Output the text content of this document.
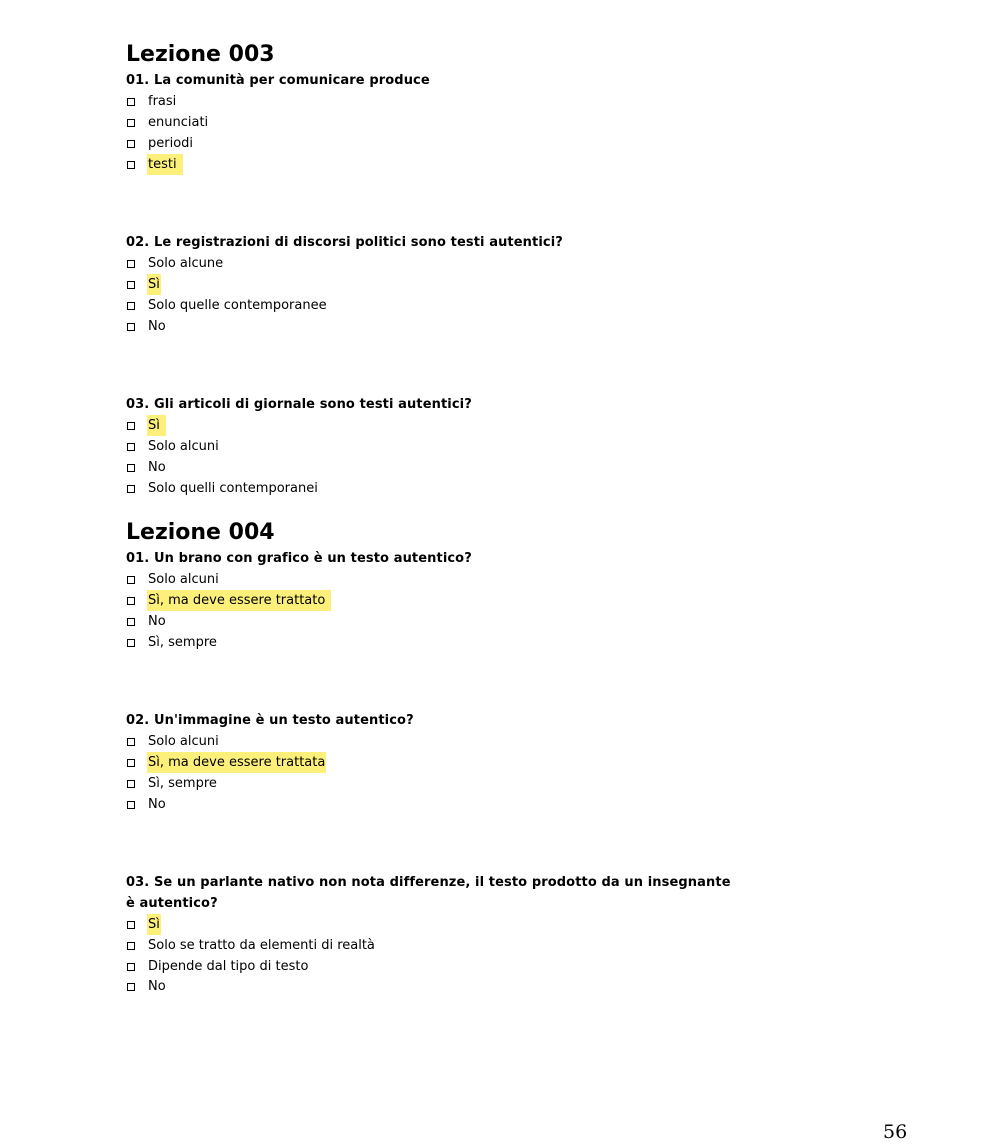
Lezione 003

01. La comunità per comunicare produce

frasi
enunciati
periodi
testi

02. Le registrazioni di discorsi politici sono testi autentici?

Solo alcune
Sì
Solo quelle contemporanee
No

03. Gli articoli di giornale sono testi autentici?

Sì
Solo alcuni
No
Solo quelli contemporanei
Lezione 004

01. Un brano con grafico è un testo autentico?

Solo alcuni
Sì, ma deve essere trattato
No
Sì, sempre

02. Un'immagine è un testo autentico?

Solo alcuni
Sì, ma deve essere trattata
Sì, sempre
No

03. Se un parlante nativo non nota differenze, il testo prodotto da un insegnante

è autentico?

Sì
Solo se tratto da elementi di realtà
Dipende dal tipo di testo
No
56
